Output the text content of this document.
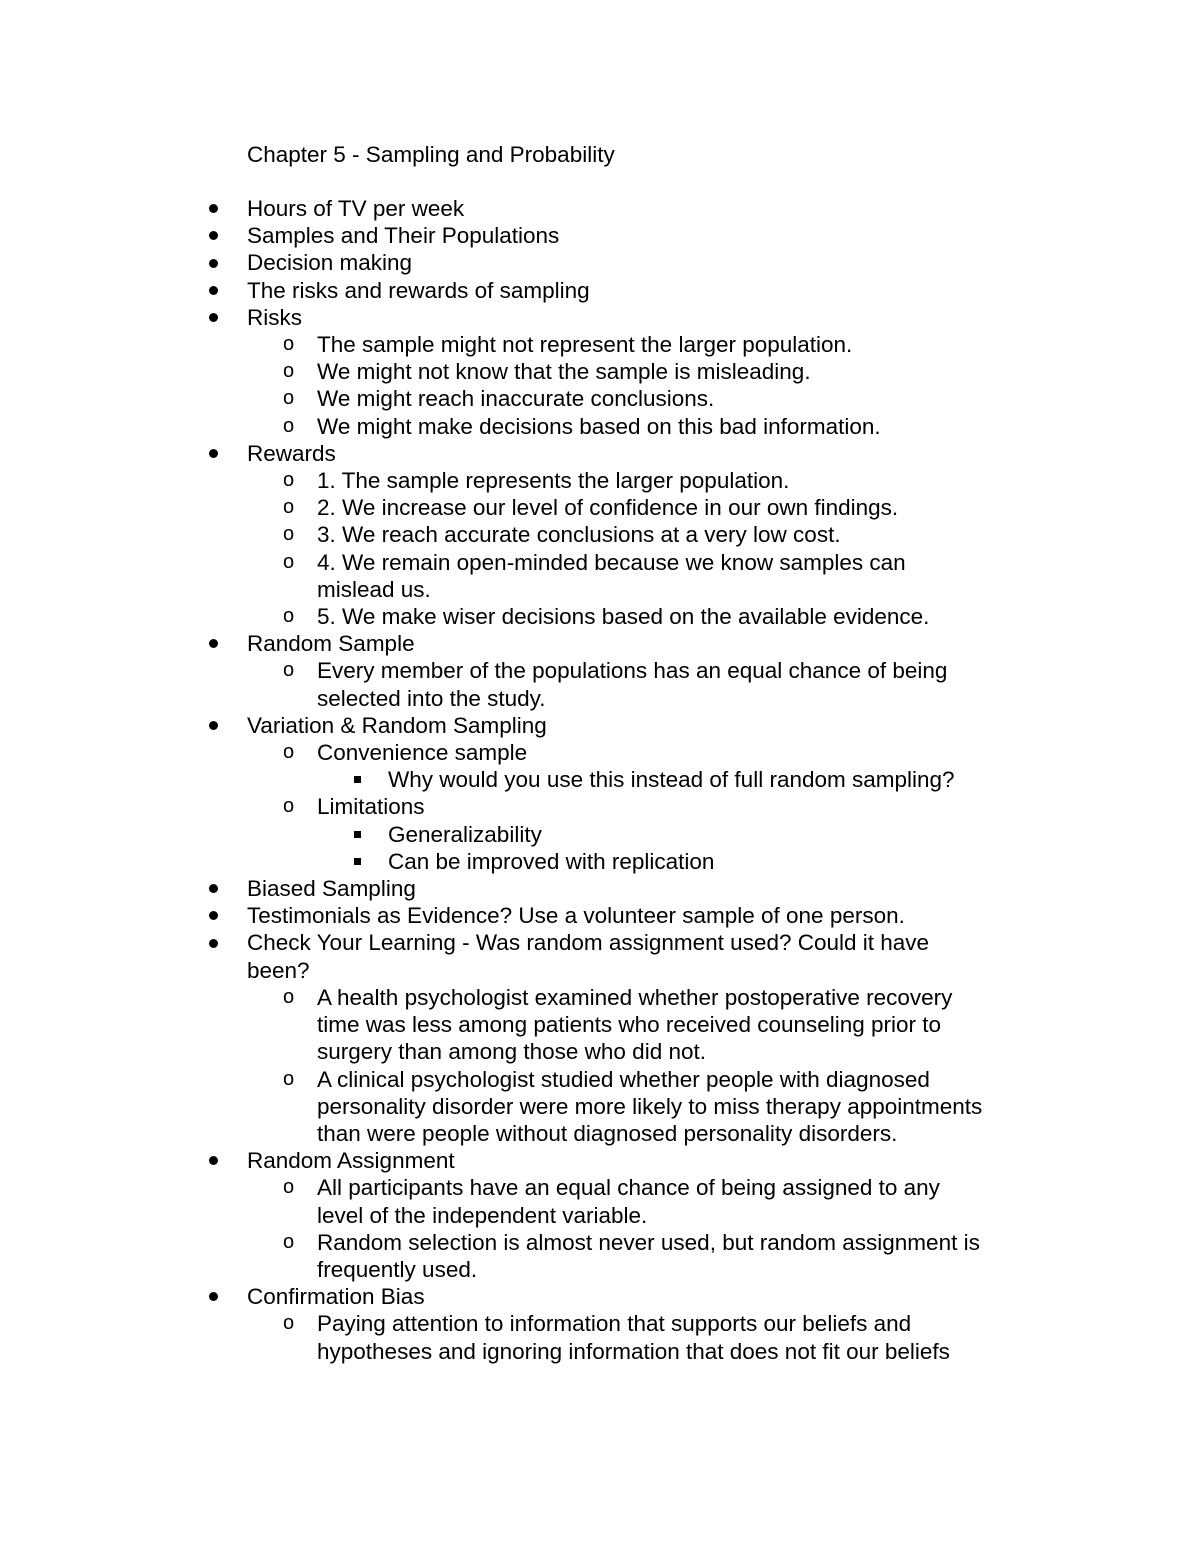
Chapter 5 - Sampling and Probability
Hours of TV per week
Samples and Their Populations
Decision making
The risks and rewards of sampling
Risks
o The sample might not represent the larger population.
o We might not know that the sample is misleading.
o We might reach inaccurate conclusions.
o We might make decisions based on this bad information.
Rewards
o 1. The sample represents the larger population.
o 2. We increase our level of confidence in our own findings.
o 3. We reach accurate conclusions at a very low cost.
o 4. We remain open-minded because we know samples can mislead us.
o 5. We make wiser decisions based on the available evidence.
Random Sample
o Every member of the populations has an equal chance of being selected into the study.
Variation & Random Sampling
o Convenience sample
Why would you use this instead of full random sampling?
o Limitations
Generalizability
Can be improved with replication
Biased Sampling
Testimonials as Evidence? Use a volunteer sample of one person.
Check Your Learning - Was random assignment used? Could it have been?
o A health psychologist examined whether postoperative recovery time was less among patients who received counseling prior to surgery than among those who did not.
o A clinical psychologist studied whether people with diagnosed personality disorder were more likely to miss therapy appointments than were people without diagnosed personality disorders.
Random Assignment
o All participants have an equal chance of being assigned to any level of the independent variable.
o Random selection is almost never used, but random assignment is frequently used.
Confirmation Bias
o Paying attention to information that supports our beliefs and hypotheses and ignoring information that does not fit our beliefs
